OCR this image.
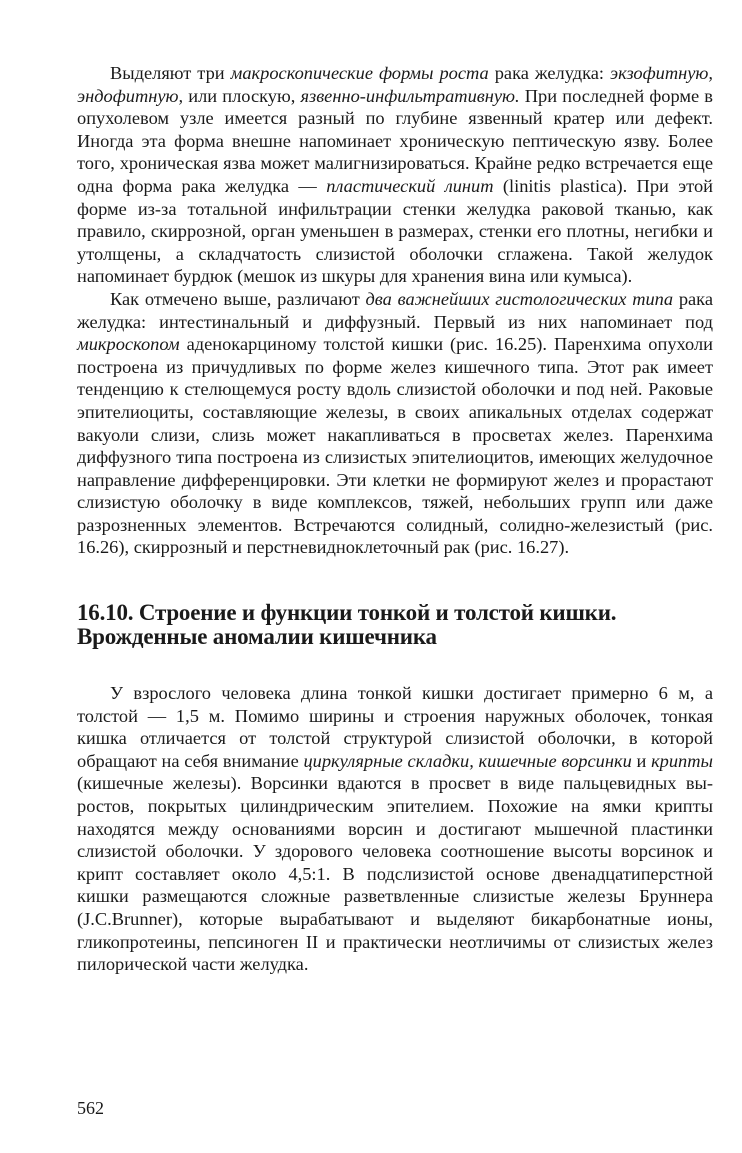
Выделяют три макроскопические формы роста рака желудка: экзофитную, эндофитную, или плоскую, язвенно-инфильтративную. При последней форме в опухолевом узле имеется разный по глубине язвенный кратер или дефект. Иногда эта форма внешне напоминает хроническую пептическую язву. Более того, хроническая язва может малигнизироваться. Крайне редко встречается еще одна форма рака желудка — пластический линит (linitis plastica). При этой форме из-за тотальной инфильтрации стенки желудка раковой тканью, как правило, скиррозной, орган уменьшен в размерах, стенки его плотны, негибки и утолщены, а складчатость слизистой оболочки сглажена. Такой желудок напоминает бурдюк (мешок из шкуры для хранения вина или кумыса).

Как отмечено выше, различают два важнейших гистологических типа рака желудка: интестинальный и диффузный. Первый из них напоминает под микроскопом аденокарциному толстой кишки (рис. 16.25). Паренхима опухоли построена из причудливых по форме желез кишечного типа. Этот рак имеет тенденцию к стелющемуся росту вдоль слизистой оболочки и под ней. Раковые эпителиоциты, составляющие железы, в своих апикальных отделах содержат вакуоли слизи, слизь может накапливаться в просветах желез. Паренхима диффузного типа построена из слизистых эпителиоцитов, имеющих желудочное направление дифференцировки. Эти клетки не формируют желез и прорастают слизистую оболочку в виде комплексов, тяжей, небольших групп или даже разрозненных элементов. Встречаются солидный, солидно-железистый (рис. 16.26), скиррозный и перстневидноклеточный рак (рис. 16.27).

16.10. Строение и функции тонкой и толстой кишки. Врожденные аномалии кишечника

У взрослого человека длина тонкой кишки достигает примерно 6 м, а толстой — 1,5 м. Помимо ширины и строения наружных оболочек, тонкая кишка отличается от толстой структурой слизистой оболочки, в которой обращают на себя внимание циркулярные складки, кишечные ворсинки и крипты (кишечные железы). Ворсинки вдаются в просвет в виде пальцевидных выростов, покрытых цилиндрическим эпителием. Похожие на ямки крипты находятся между основаниями ворсин и достигают мышечной пластинки слизистой оболочки. У здорового человека соотношение высоты ворсинок и крипт составляет около 4,5:1. В подслизистой основе двенадцатиперстной кишки размещаются сложные разветвленные слизистые железы Бруннера (J.C.Brunner), которые вырабатывают и выделяют бикарбонатные ионы, гликопротеины, пепсиноген II и практически неотличимы от слизистых желез пилорической части желудка.

562
